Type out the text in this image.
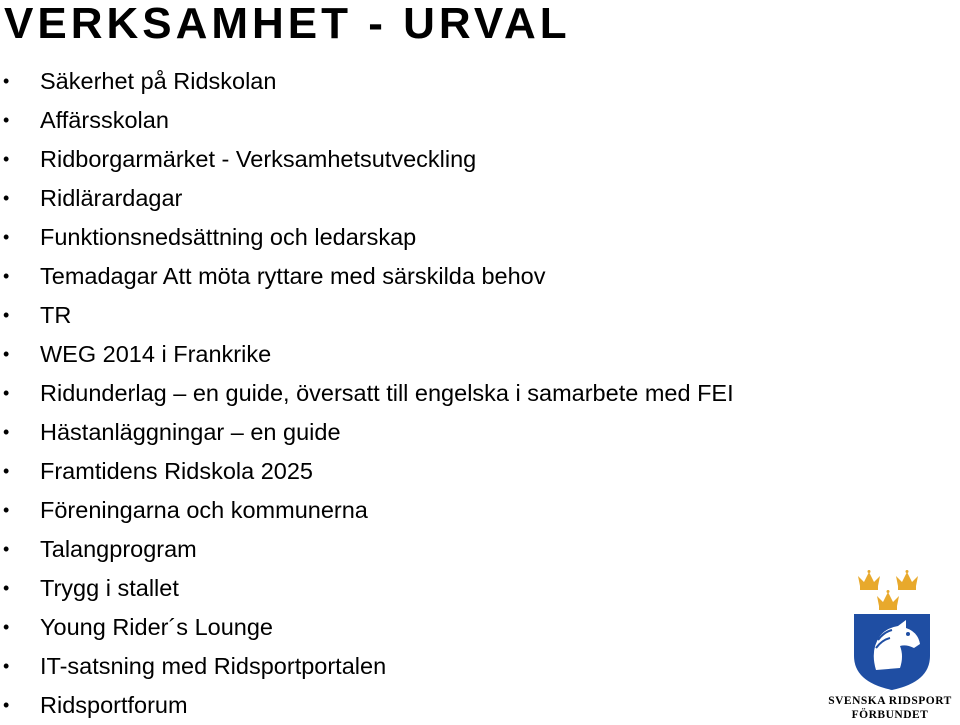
VERKSAMHET - URVAL
•	Säkerhet på Ridskolan
•	Affärsskolan
•	Ridborgarmärket - Verksamhetsutveckling
•	Ridlärardagar
•	Funktionsnedsättning och ledarskap
•	Temadagar Att möta ryttare med särskilda behov
•	TR
•	WEG 2014 i Frankrike
•	Ridunderlag – en guide, översatt till engelska i samarbete med FEI
•	Hästanläggningar – en guide
•	Framtidens Ridskola 2025
•	Föreningarna och kommunerna
•	Talangprogram
•	Trygg i stallet
•	Young Rider´s Lounge
•	IT-satsning med Ridsportportalen
•	Ridsportforum	SVENSKA RIDSPORT
FÖRBUNDET
